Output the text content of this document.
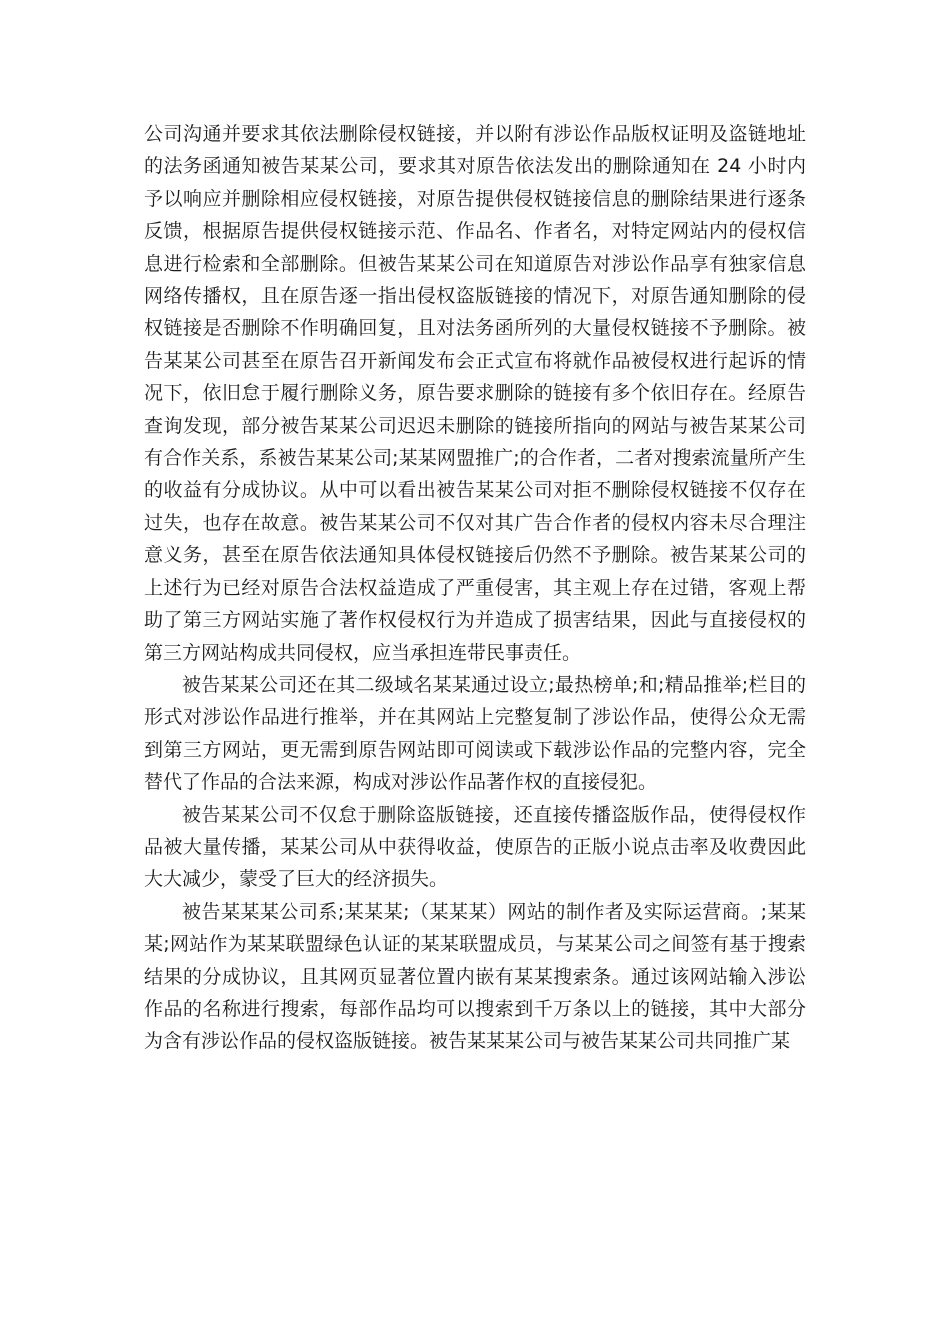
公司沟通并要求其依法删除侵权链接，并以附有涉讼作品版权证明及盗链地址的法务函通知被告某某公司，要求其对原告依法发出的删除通知在 24 小时内予以响应并删除相应侵权链接，对原告提供侵权链接信息的删除结果进行逐条反馈，根据原告提供侵权链接示范、作品名、作者名，对特定网站内的侵权信息进行检索和全部删除。但被告某某公司在知道原告对涉讼作品享有独家信息网络传播权，且在原告逐一指出侵权盗版链接的情况下，对原告通知删除的侵权链接是否删除不作明确回复，且对法务函所列的大量侵权链接不予删除。被告某某公司甚至在原告召开新闻发布会正式宣布将就作品被侵权进行起诉的情况下，依旧怠于履行删除义务，原告要求删除的链接有多个依旧存在。经原告查询发现，部分被告某某公司迟迟未删除的链接所指向的网站与被告某某公司有合作关系，系被告某某公司;某某网盟推广;的合作者，二者对搜索流量所产生的收益有分成协议。从中可以看出被告某某公司对拒不删除侵权链接不仅存在过失，也存在故意。被告某某公司不仅对其广告合作者的侵权内容未尽合理注意义务，甚至在原告依法通知具体侵权链接后仍然不予删除。被告某某公司的上述行为已经对原告合法权益造成了严重侵害，其主观上存在过错，客观上帮助了第三方网站实施了著作权侵权行为并造成了损害结果，因此与直接侵权的第三方网站构成共同侵权，应当承担连带民事责任。

被告某某公司还在其二级域名某某通过设立;最热榜单;和;精品推举;栏目的形式对涉讼作品进行推举，并在其网站上完整复制了涉讼作品，使得公众无需到第三方网站，更无需到原告网站即可阅读或下载涉讼作品的完整内容，完全替代了作品的合法来源，构成对涉讼作品著作权的直接侵犯。

被告某某公司不仅怠于删除盗版链接，还直接传播盗版作品，使得侵权作品被大量传播，某某公司从中获得收益，使原告的正版小说点击率及收费因此大大减少，蒙受了巨大的经济损失。

被告某某某公司系;某某某;（某某某）网站的制作者及实际运营商。;某某某;网站作为某某联盟绿色认证的某某联盟成员，与某某公司之间签有基于搜索结果的分成协议，且其网页显著位置内嵌有某某搜索条。通过该网站输入涉讼作品的名称进行搜索，每部作品均可以搜索到千万条以上的链接，其中大部分为含有涉讼作品的侵权盗版链接。被告某某某公司与被告某某公司共同推广某
